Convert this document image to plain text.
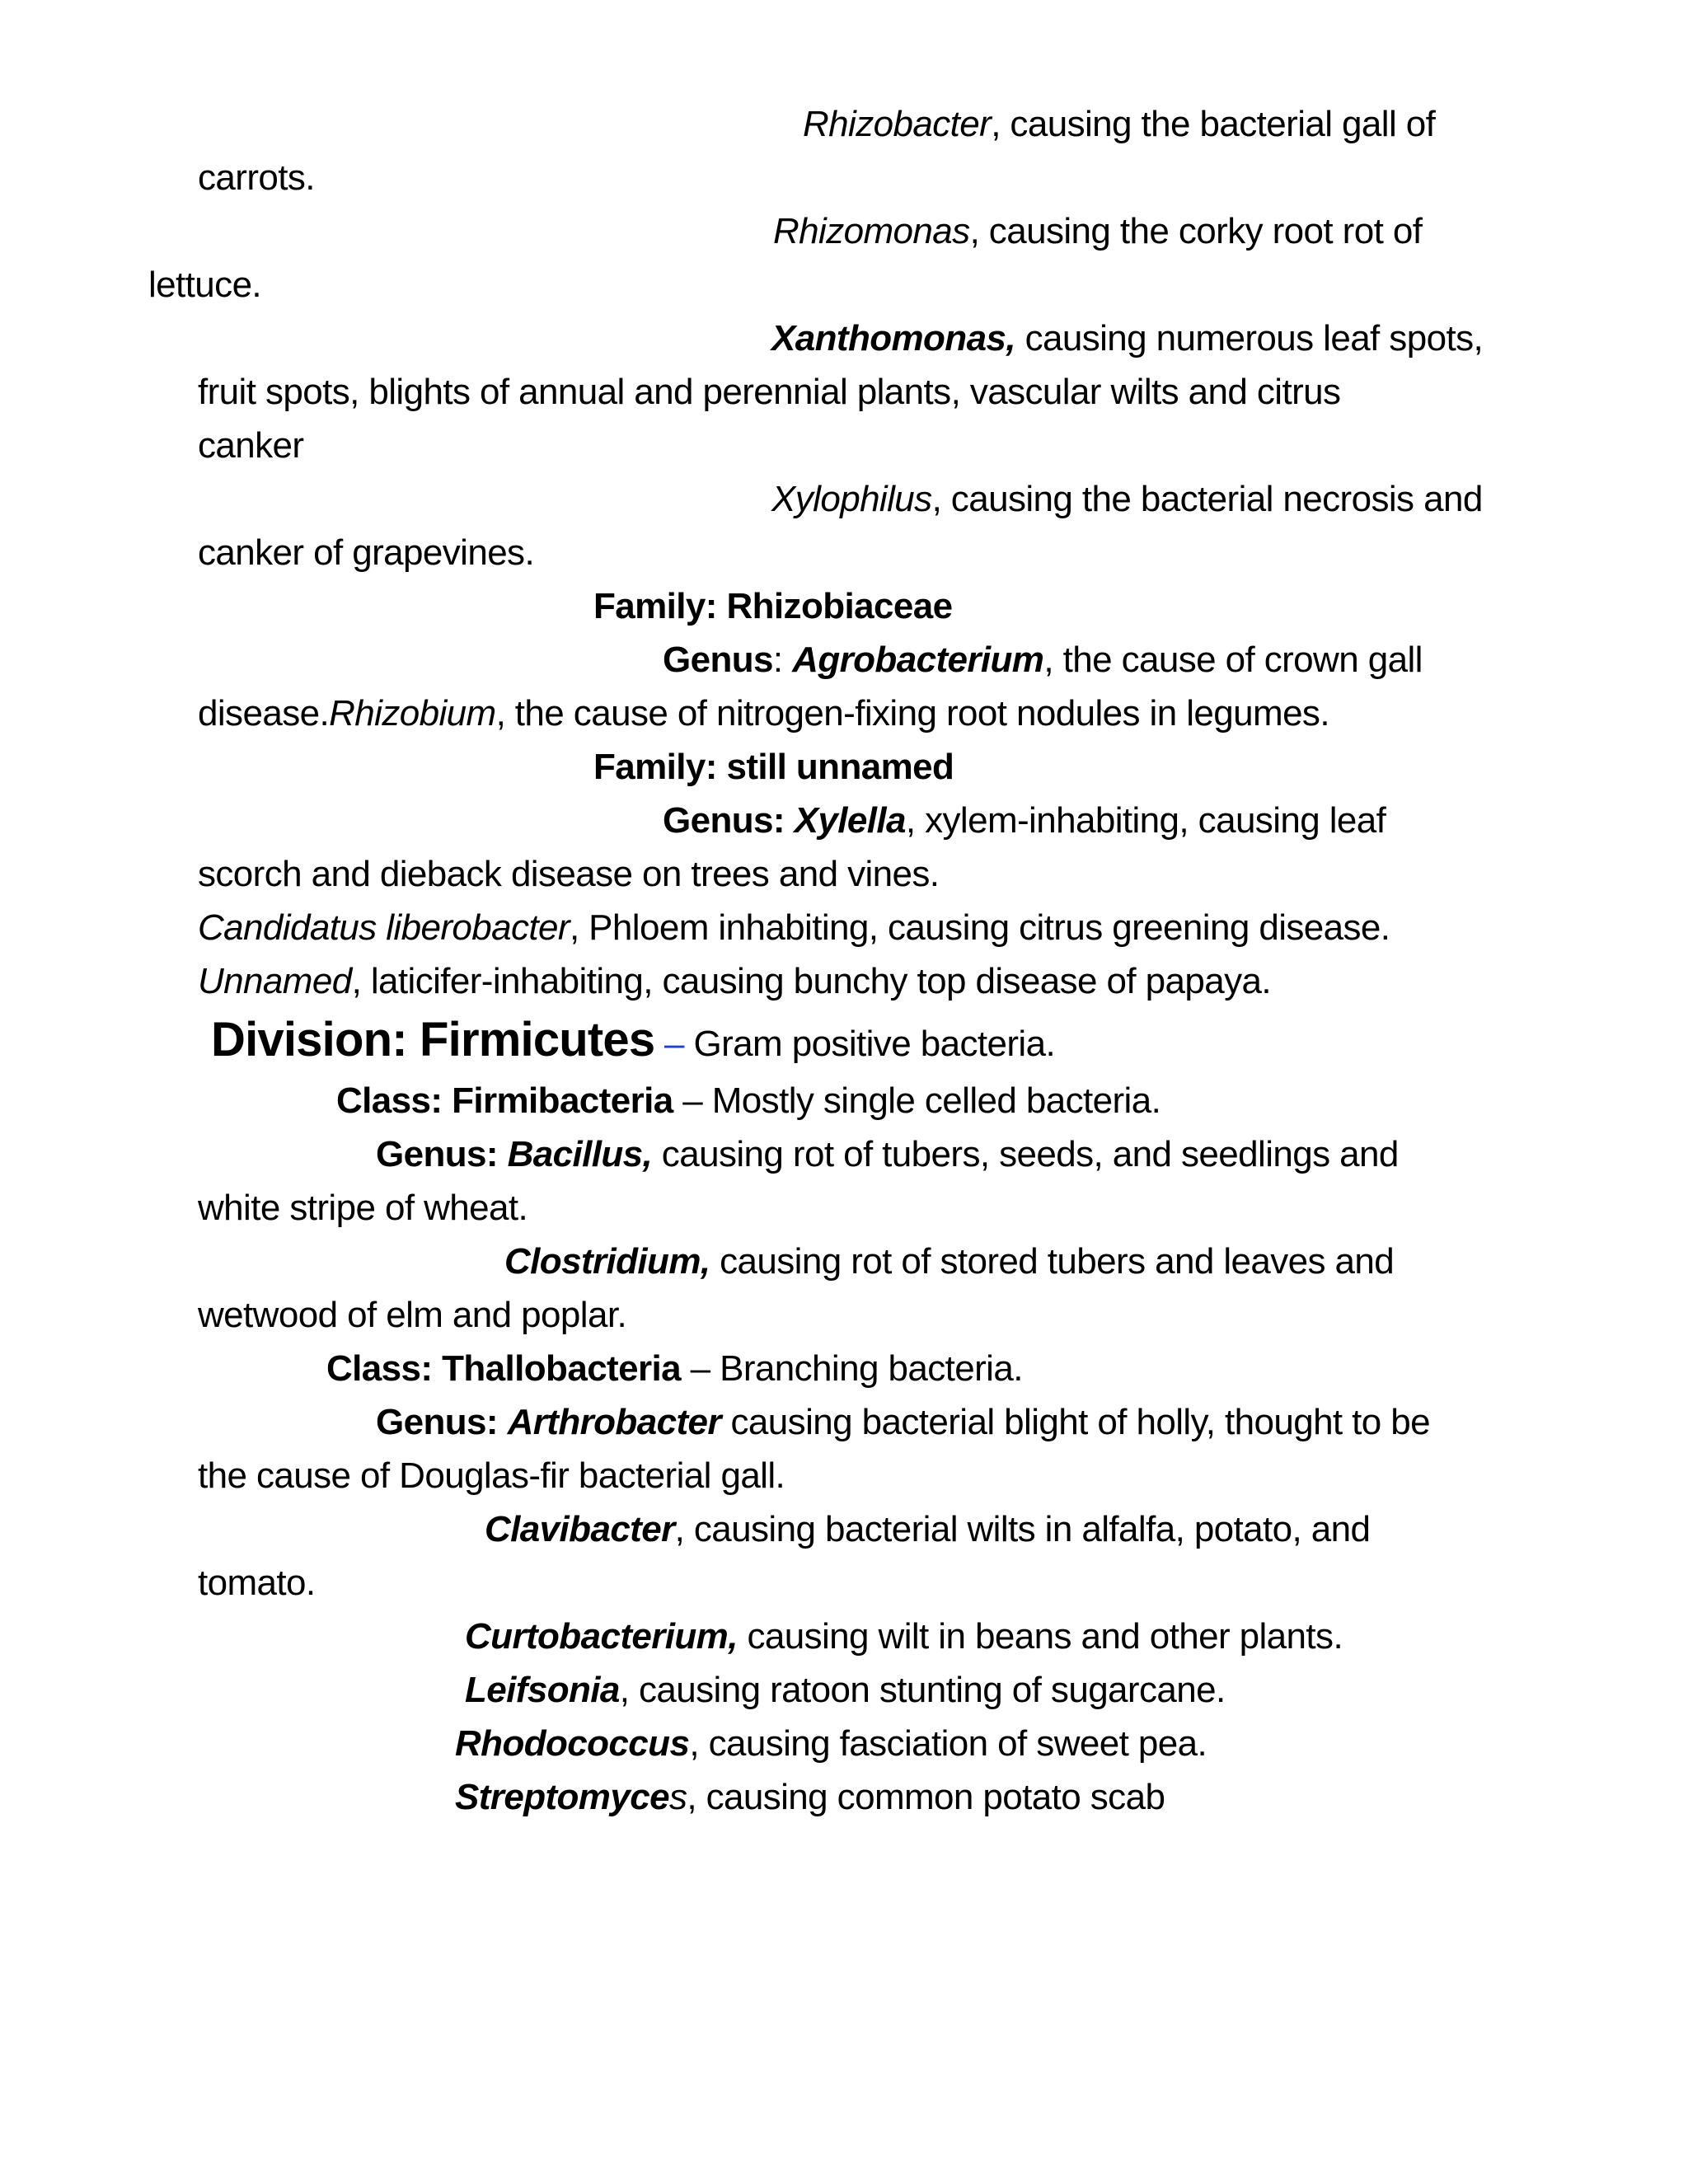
Rhizobacter, causing the bacterial gall of
carrots.
Rhizomonas, causing the corky root rot of
lettuce.
Xanthomonas, causing numerous leaf spots,
fruit spots, blights of annual and perennial plants, vascular wilts and citrus
canker
Xylophilus, causing the bacterial necrosis and
canker of grapevines.
Family: Rhizobiaceae
Genus: Agrobacterium, the cause of crown gall
disease.Rhizobium, the cause of nitrogen-fixing root nodules in legumes.
Family: still unnamed
Genus: Xylella, xylem-inhabiting, causing leaf
scorch and dieback disease on trees and vines.
Candidatus liberobacter, Phloem inhabiting, causing citrus greening disease.
Unnamed, laticifer-inhabiting, causing bunchy top disease of papaya.
Division: Firmicutes – Gram positive bacteria.
Class: Firmibacteria – Mostly single celled bacteria.
Genus: Bacillus, causing rot of tubers, seeds, and seedlings and
white stripe of wheat.
Clostridium, causing rot of stored tubers and leaves and
wetwood of elm and poplar.
Class: Thallobacteria – Branching bacteria.
Genus: Arthrobacter causing bacterial blight of holly, thought to be
the cause of Douglas-fir bacterial gall.
Clavibacter, causing bacterial wilts in alfalfa, potato, and
tomato.
Curtobacterium, causing wilt in beans and other plants.
Leifsonia, causing ratoon stunting of sugarcane.
Rhodococcus, causing fasciation of sweet pea.
Streptomyces, causing common potato scab
